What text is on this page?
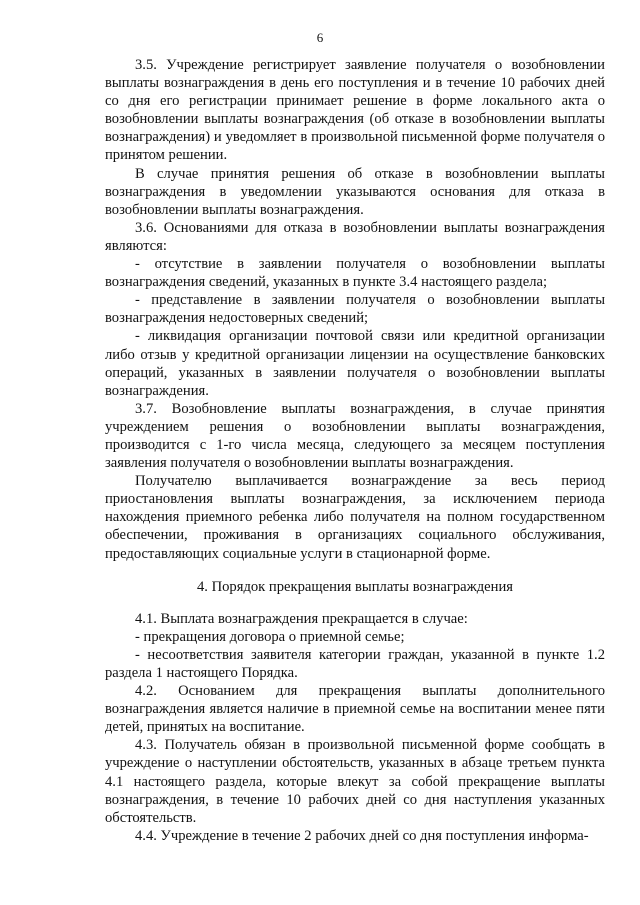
6

3.5. Учреждение регистрирует заявление получателя о возобновлении выплаты вознаграждения в день его поступления и в течение 10 рабочих дней со дня его регистрации принимает решение в форме локального акта о возобновлении выплаты вознаграждения (об отказе в возобновлении выплаты вознаграждения) и уведомляет в произвольной письменной форме получателя о принятом решении.

В случае принятия решения об отказе в возобновлении выплаты вознаграждения в уведомлении указываются основания для отказа в возобновлении выплаты вознаграждения.

3.6. Основаниями для отказа в возобновлении выплаты вознаграждения являются:

- отсутствие в заявлении получателя о возобновлении выплаты вознаграждения сведений, указанных в пункте 3.4 настоящего раздела;

- представление в заявлении получателя о возобновлении выплаты вознаграждения недостоверных сведений;

- ликвидация организации почтовой связи или кредитной организации либо отзыв у кредитной организации лицензии на осуществление банковских операций, указанных в заявлении получателя о возобновлении выплаты вознаграждения.

3.7. Возобновление выплаты вознаграждения, в случае принятия учреждением решения о возобновлении выплаты вознаграждения, производится с 1-го числа месяца, следующего за месяцем поступления заявления получателя о возобновлении выплаты вознаграждения.

Получателю выплачивается вознаграждение за весь период приостановления выплаты вознаграждения, за исключением периода нахождения приемного ребенка либо получателя на полном государственном обеспечении, проживания в организациях социального обслуживания, предоставляющих социальные услуги в стационарной форме.

4. Порядок прекращения выплаты вознаграждения

4.1. Выплата вознаграждения прекращается в случае:

- прекращения договора о приемной семье;

- несоответствия заявителя категории граждан, указанной в пункте 1.2 раздела 1 настоящего Порядка.

4.2. Основанием для прекращения выплаты дополнительного вознаграждения является наличие в приемной семье на воспитании менее пяти детей, принятых на воспитание.

4.3. Получатель обязан в произвольной письменной форме сообщать в учреждение о наступлении обстоятельств, указанных в абзаце третьем пункта 4.1 настоящего раздела, которые влекут за собой прекращение выплаты вознаграждения, в течение 10 рабочих дней со дня наступления указанных обстоятельств.

4.4. Учреждение в течение 2 рабочих дней со дня поступления информа-
